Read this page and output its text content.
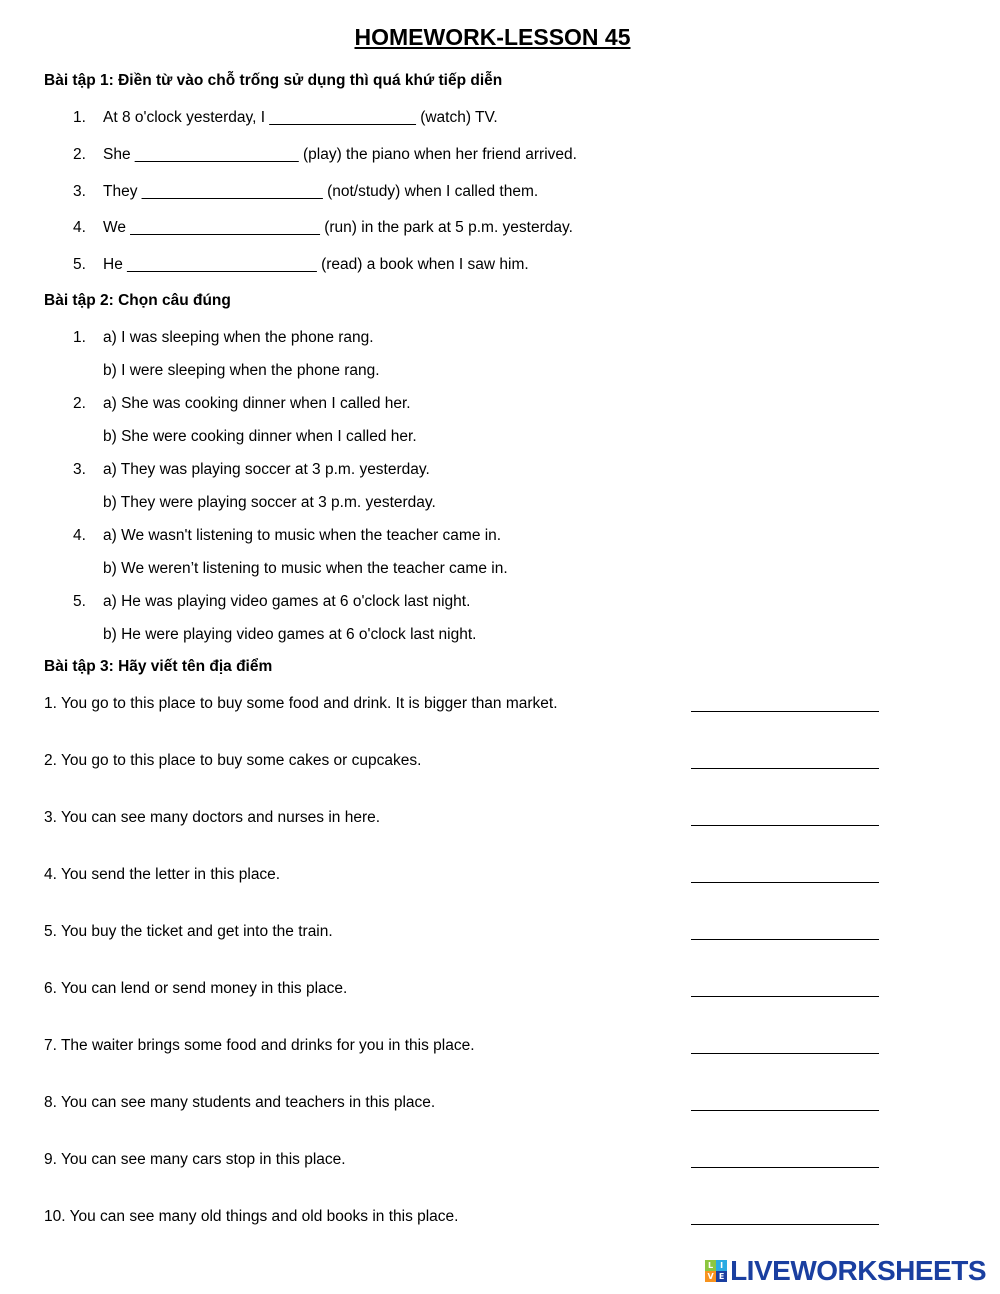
HOMEWORK-LESSON 45
Bài tập 1: Điền từ vào chỗ trống sử dụng thì quá khứ tiếp diễn
1. At 8 o'clock yesterday, I _________________ (watch) TV.
2. She ___________________ (play) the piano when her friend arrived.
3. They _____________________ (not/study) when I called them.
4. We ______________________ (run) in the park at 5 p.m. yesterday.
5. He ______________________ (read) a book when I saw him.
Bài tập 2: Chọn câu đúng
1. a) I was sleeping when the phone rang.
b) I were sleeping when the phone rang.
2. a) She was cooking dinner when I called her.
b) She were cooking dinner when I called her.
3. a) They was playing soccer at 3 p.m. yesterday.
b) They were playing soccer at 3 p.m. yesterday.
4. a) We wasn't listening to music when the teacher came in.
b) We weren’t listening to music when the teacher came in.
5. a) He was playing video games at 6 o'clock last night.
b) He were playing video games at 6 o'clock last night.
Bài tập 3: Hãy viết tên địa điểm
1. You go to this place to buy some food and drink. It is bigger than market.
2. You go to this place to buy some cakes or cupcakes.
3. You can see many doctors and nurses in here.
4. You send the letter in this place.
5. You buy the ticket and get into the train.
6. You can lend or send money in this place.
7. The waiter brings some food and drinks for you in this place.
8. You can see many students and teachers in this place.
9. You can see many cars stop in this place.
10. You can see many old things and old books in this place.
L I
V E LIVEWORKSHEETS
